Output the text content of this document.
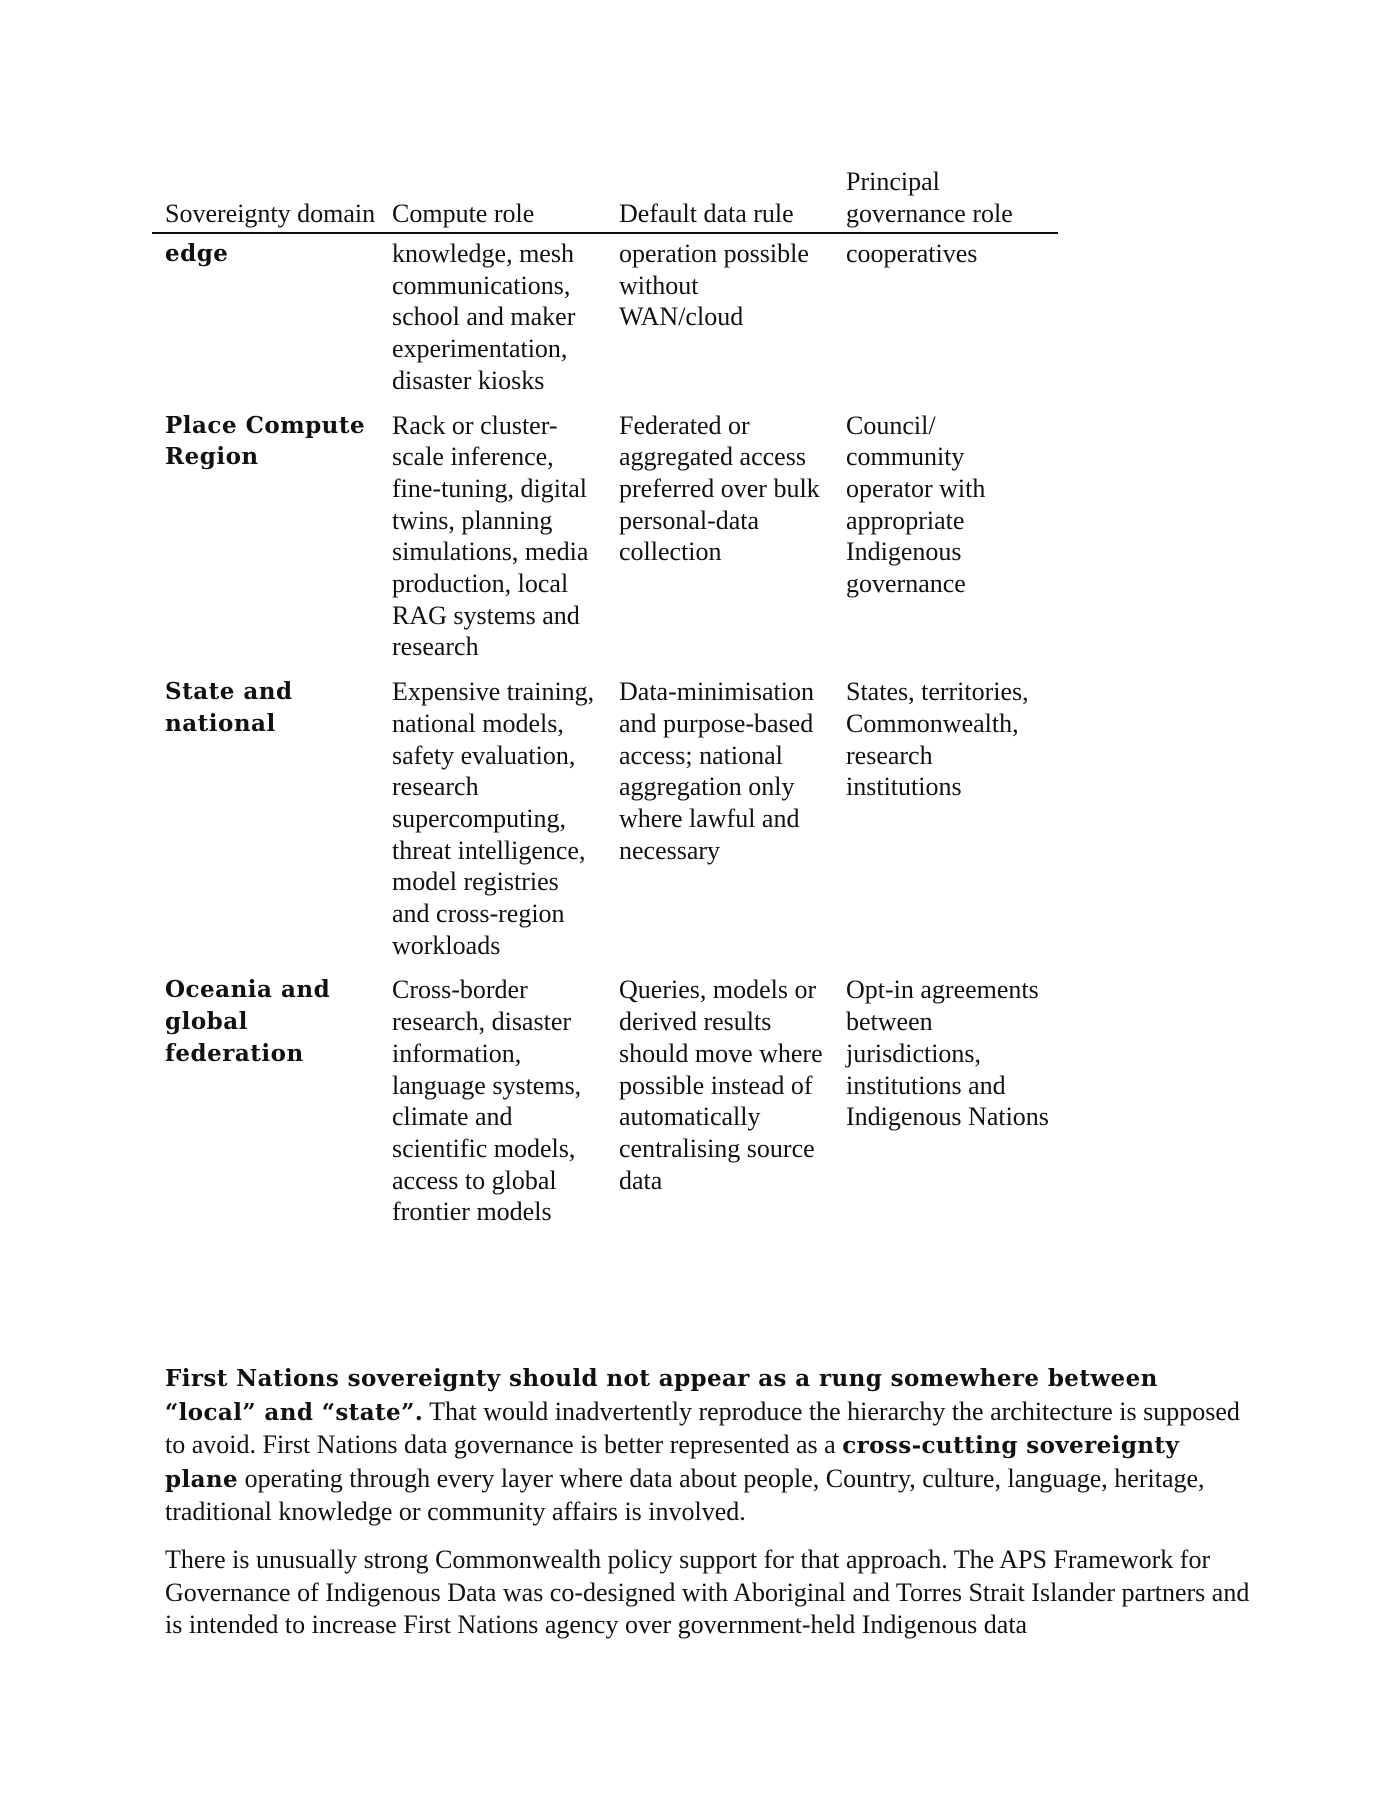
Sovereignty domain	Compute role	Default data rule	Principal governance role
edge	knowledge, mesh communications, school and maker experimentation, disaster kiosks	operation possible without WAN/cloud	cooperatives
Place Compute Region	Rack or cluster-scale inference, fine-tuning, digital twins, planning simulations, media production, local RAG systems and research	Federated or aggregated access preferred over bulk personal-data collection	Council/ community operator with appropriate Indigenous governance
State and national	Expensive training, national models, safety evaluation, research supercomputing, threat intelligence, model registries and cross-region workloads	Data-minimisation and purpose-based access; national aggregation only where lawful and necessary	States, territories, Commonwealth, research institutions
Oceania and global federation	Cross-border research, disaster information, language systems, climate and scientific models, access to global frontier models	Queries, models or derived results should move where possible instead of automatically centralising source data	Opt-in agreements between jurisdictions, institutions and Indigenous Nations

First Nations sovereignty should not appear as a rung somewhere between “local” and “state”. That would inadvertently reproduce the hierarchy the architecture is supposed to avoid. First Nations data governance is better represented as a cross-cutting sovereignty plane operating through every layer where data about people, Country, culture, language, heritage, traditional knowledge or community affairs is involved.

There is unusually strong Commonwealth policy support for that approach. The APS Framework for Governance of Indigenous Data was co-designed with Aboriginal and Torres Strait Islander partners and is intended to increase First Nations agency over government-held Indigenous data
